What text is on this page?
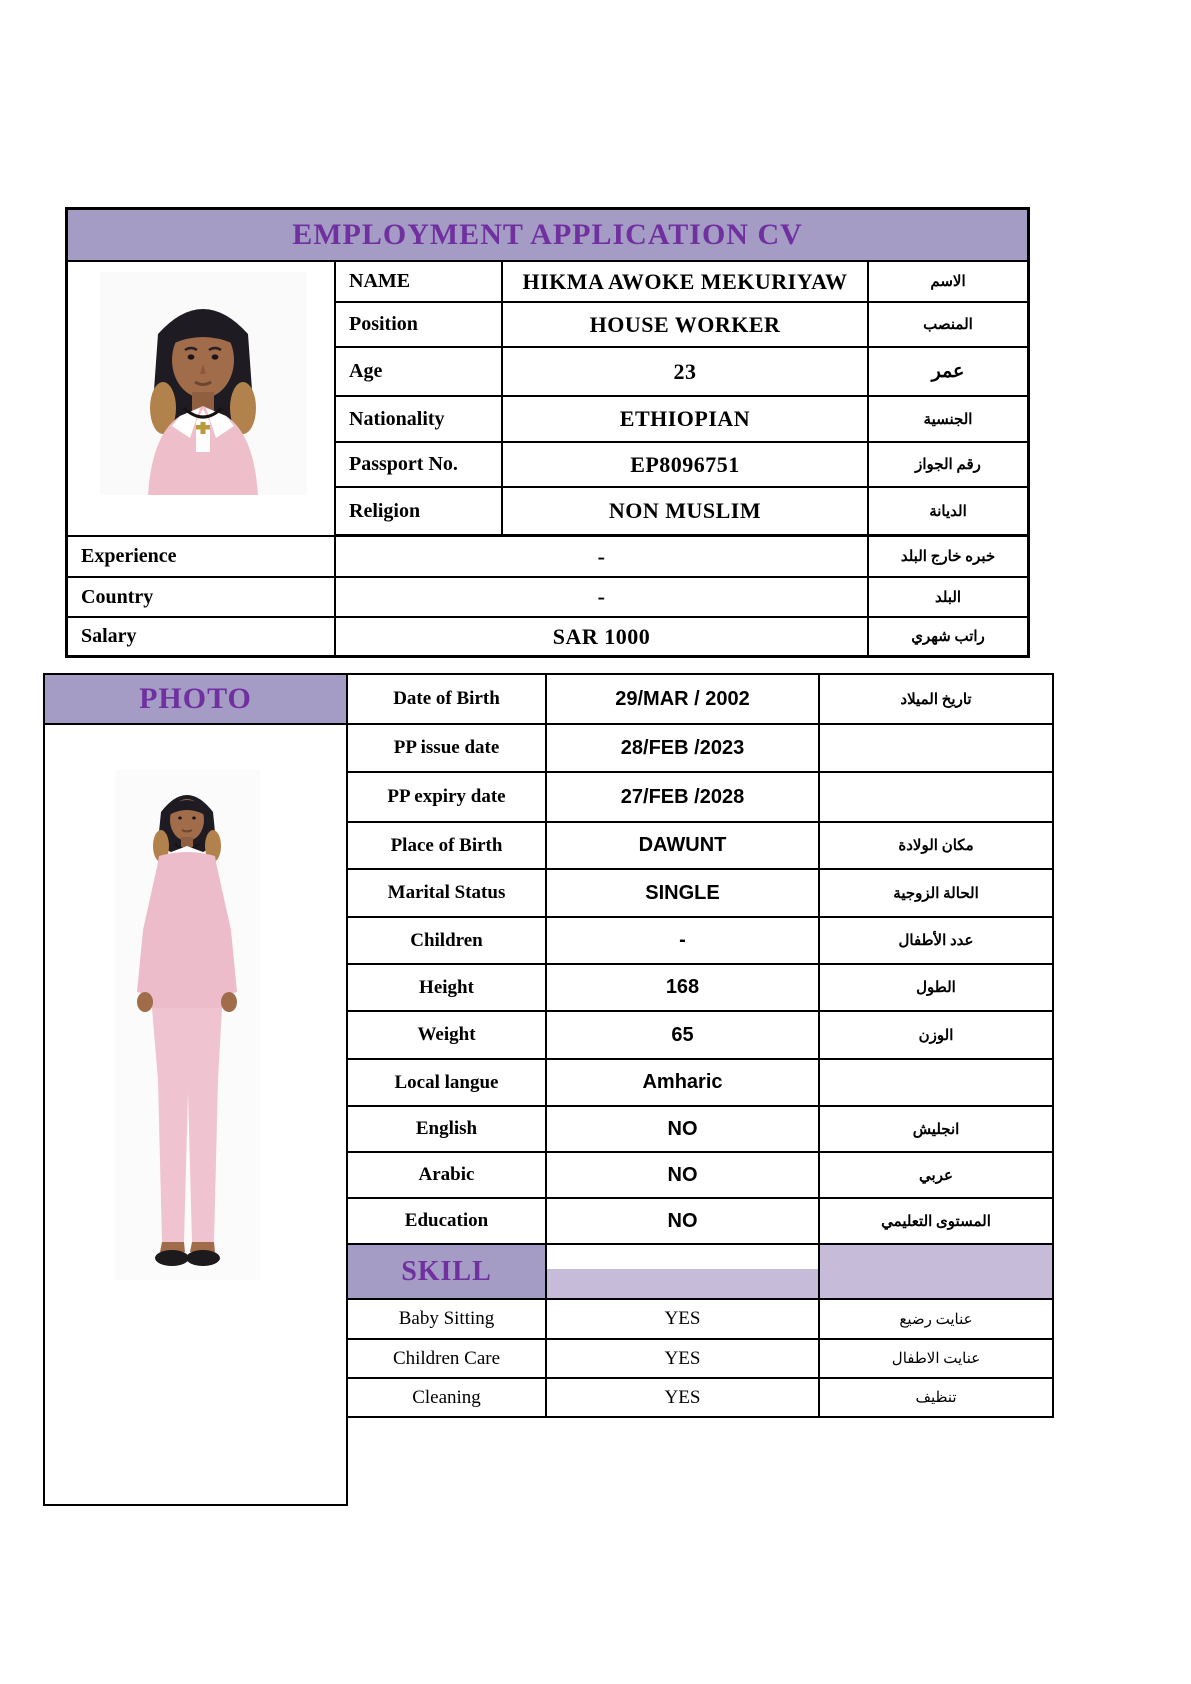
EMPLOYMENT APPLICATION CV
NAME	HIKMA AWOKE MEKURIYAW	الاسم
Position	HOUSE WORKER	المنصب
Age	23	عمر
Nationality	ETHIOPIAN	الجنسية
Passport No.	EP8096751	رقم الجواز
Religion	NON MUSLIM	الديانة
Experience	-	خبره خارج البلد
Country	-	البلد
Salary	SAR 1000	راتب شهري
PHOTO	Date of Birth	29/MAR / 2002	تاريخ الميلاد
PP issue date	28/FEB /2023
PP expiry date	27/FEB /2028
Place of Birth	DAWUNT	مكان الولادة
Marital Status	SINGLE	الحالة الزوجية
Children	-	عدد الأطفال
Height	168	الطول
Weight	65	الوزن
Local langue	Amharic
English	NO	انجليش
Arabic	NO	عربي
Education	NO	المستوى التعليمي
SKILL
Baby Sitting	YES	عنايت رضيع
Children Care	YES	عنايت الاطفال
Cleaning	YES	تنظيف
